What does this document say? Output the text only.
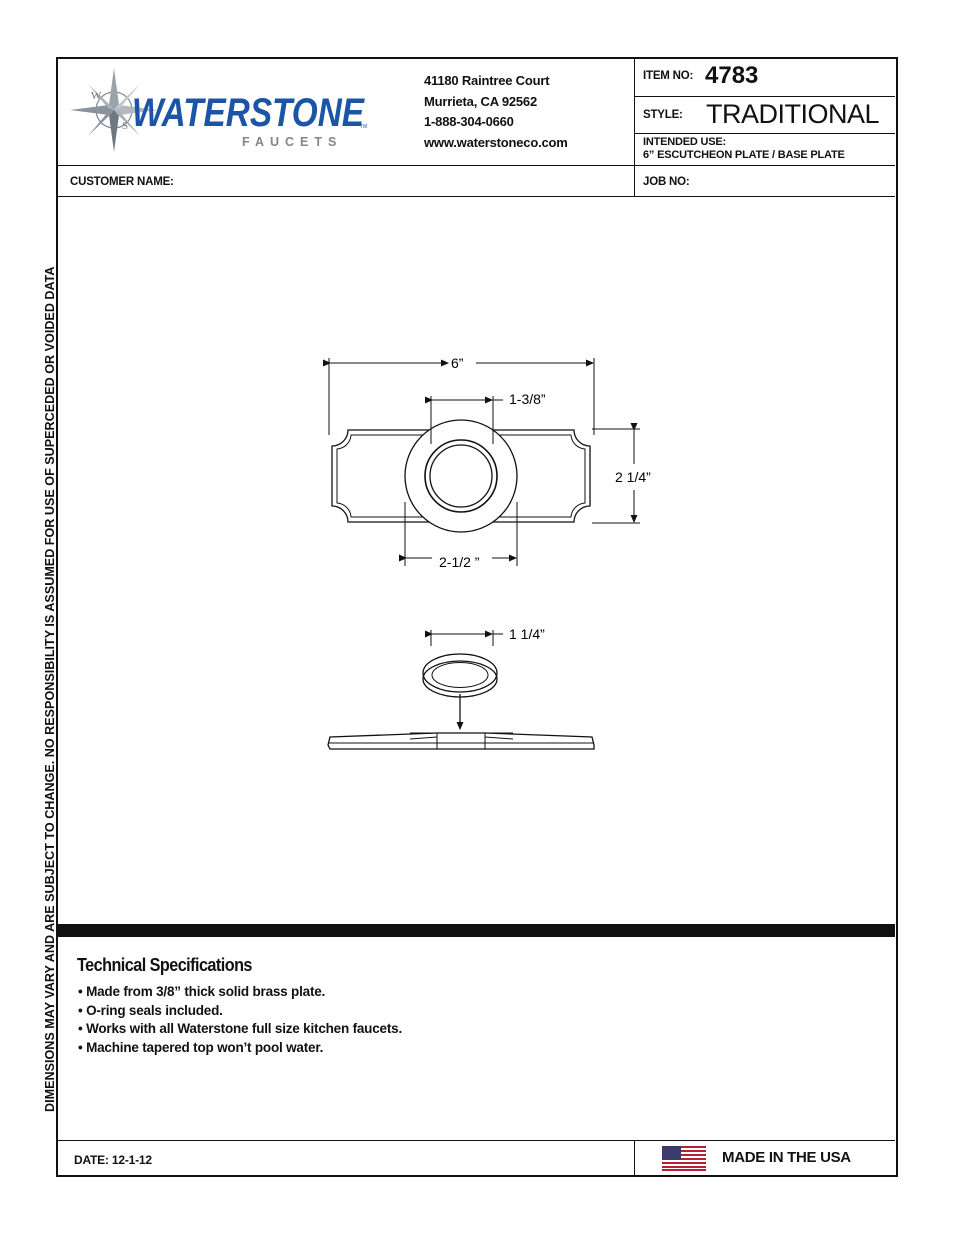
DIMENSIONS MAY VARY AND ARE SUBJECT TO CHANGE. NO RESPONSIBILITY IS ASSUMED FOR USE OF SUPERCEDED OR VOIDED DATA
W
S WATERSTONE
TM
FAUCETS
41180 Raintree Court
Murrieta, CA 92562
1-888-304-0660
www.waterstoneco.com
ITEM NO: 4783
STYLE: TRADITIONAL
INTENDED USE:
6” ESCUTCHEON PLATE / BASE PLATE
CUSTOMER NAME:	JOB NO:
6”
1-3/8”
2 1/4”
2-1/2 ”
1 1/4”
Technical Specifications
• Made from 3/8” thick solid brass plate.
• O-ring seals included.
• Works with all Waterstone full size kitchen faucets.
• Machine tapered top won’t pool water.
DATE: 12-1-12	MADE IN THE USA
